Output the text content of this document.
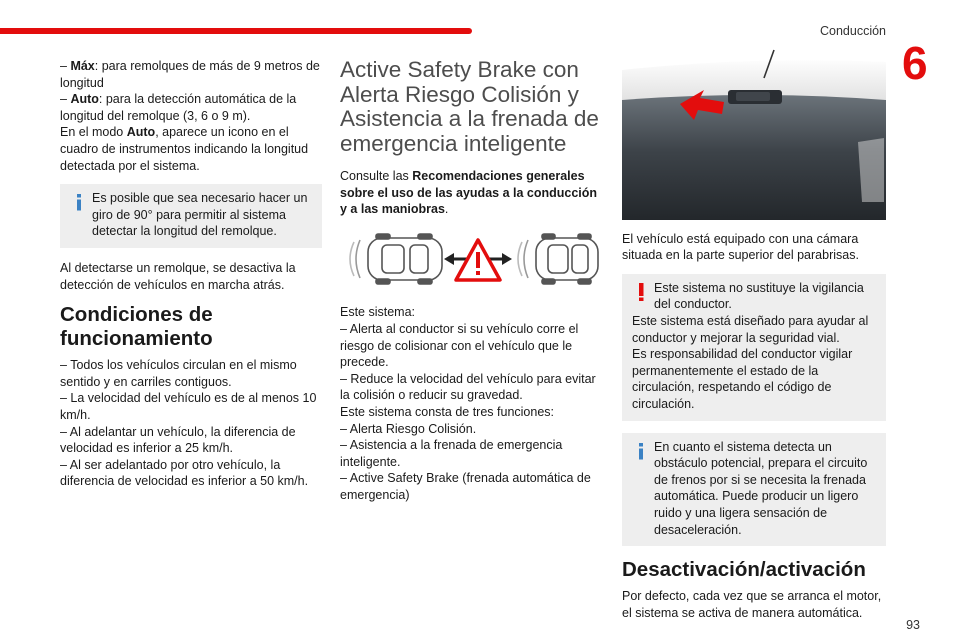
Conducción
6

– Máx: para remolques de más de 9 metros de longitud
– Auto: para la detección automática de la longitud del remolque (3, 6 o 9 m).
En el modo Auto, aparece un icono en el cuadro de instrumentos indicando la longitud detectada por el sistema.

Es posible que sea necesario hacer un giro de 90° para permitir al sistema detectar la longitud del remolque.

Al detectarse un remolque, se desactiva la detección de vehículos en marcha atrás.

Condiciones de funcionamiento

– Todos los vehículos circulan en el mismo sentido y en carriles contiguos.
– La velocidad del vehículo es de al menos 10 km/h.
– Al adelantar un vehículo, la diferencia de velocidad es inferior a 25 km/h.
– Al ser adelantado por otro vehículo, la diferencia de velocidad es inferior a 50 km/h.

Active Safety Brake con Alerta Riesgo Colisión y Asistencia a la frenada de emergencia inteligente

Consulte las Recomendaciones generales sobre el uso de las ayudas a la conducción y a las maniobras.

Este sistema:
– Alerta al conductor si su vehículo corre el riesgo de colisionar con el vehículo que le precede.
– Reduce la velocidad del vehículo para evitar la colisión o reducir su gravedad.
Este sistema consta de tres funciones:
– Alerta Riesgo Colisión.
– Asistencia a la frenada de emergencia inteligente.
– Active Safety Brake (frenada automática de emergencia)

El vehículo está equipado con una cámara situada en la parte superior del parabrisas.

Este sistema no sustituye la vigilancia del conductor.
Este sistema está diseñado para ayudar al conductor y mejorar la seguridad vial.
Es responsabilidad del conductor vigilar permanentemente el estado de la circulación, respetando el código de circulación.
En cuanto el sistema detecta un obstáculo potencial, prepara el circuito de frenos por si se necesita la frenada automática. Puede producir un ligero ruido y una ligera sensación de desaceleración.
Desactivación/activación

Por defecto, cada vez que se arranca el motor, el sistema se activa de manera automática.

93
